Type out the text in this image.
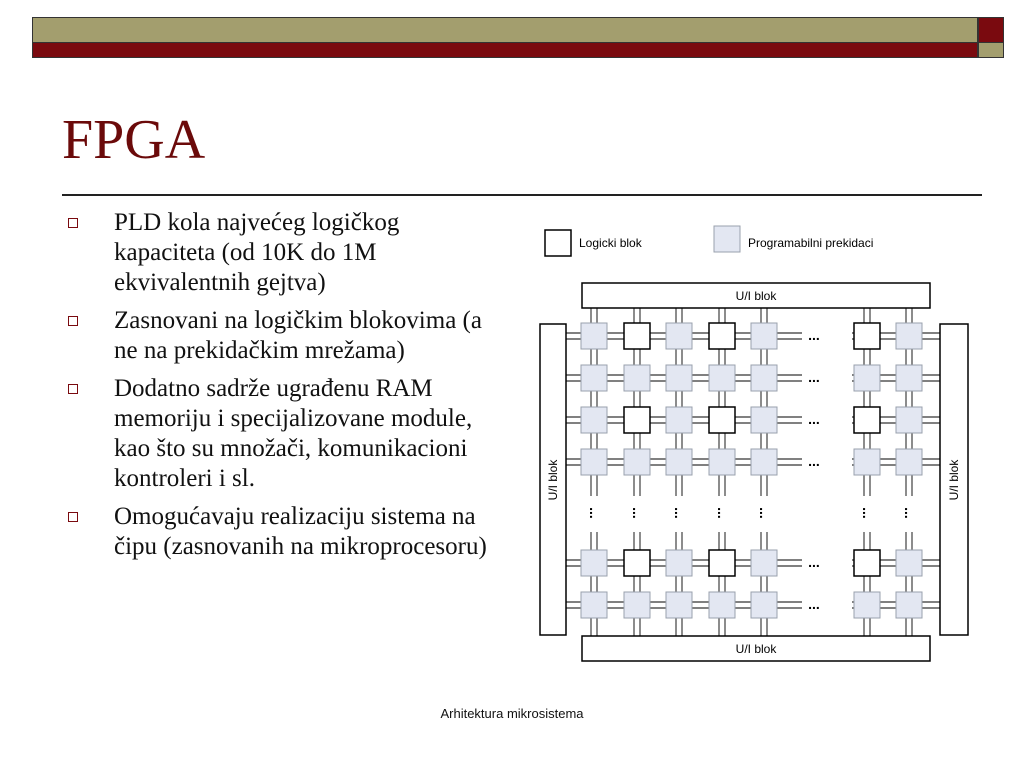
FPGA
PLD kola najvećeg logičkog kapaciteta (od 10K do 1M ekvivalentnih gejtva)
Zasnovani na logičkim blokovima (a ne na prekidačkim mrežama)
Dodatno sadrže ugrađenu RAM memoriju i specijalizovane module, kao što su množači, komunikacioni kontroleri i sl.
Omogućavaju realizaciju sistema na čipu (zasnovanih na mikroprocesoru)
Logicki blok	Programabilni prekidaci
U/I blok
U/I blok
U/I blok	U/I blok
...
...
...
...
... ... ... ... ...	... ...
...
...
Arhitektura mikrosistema
